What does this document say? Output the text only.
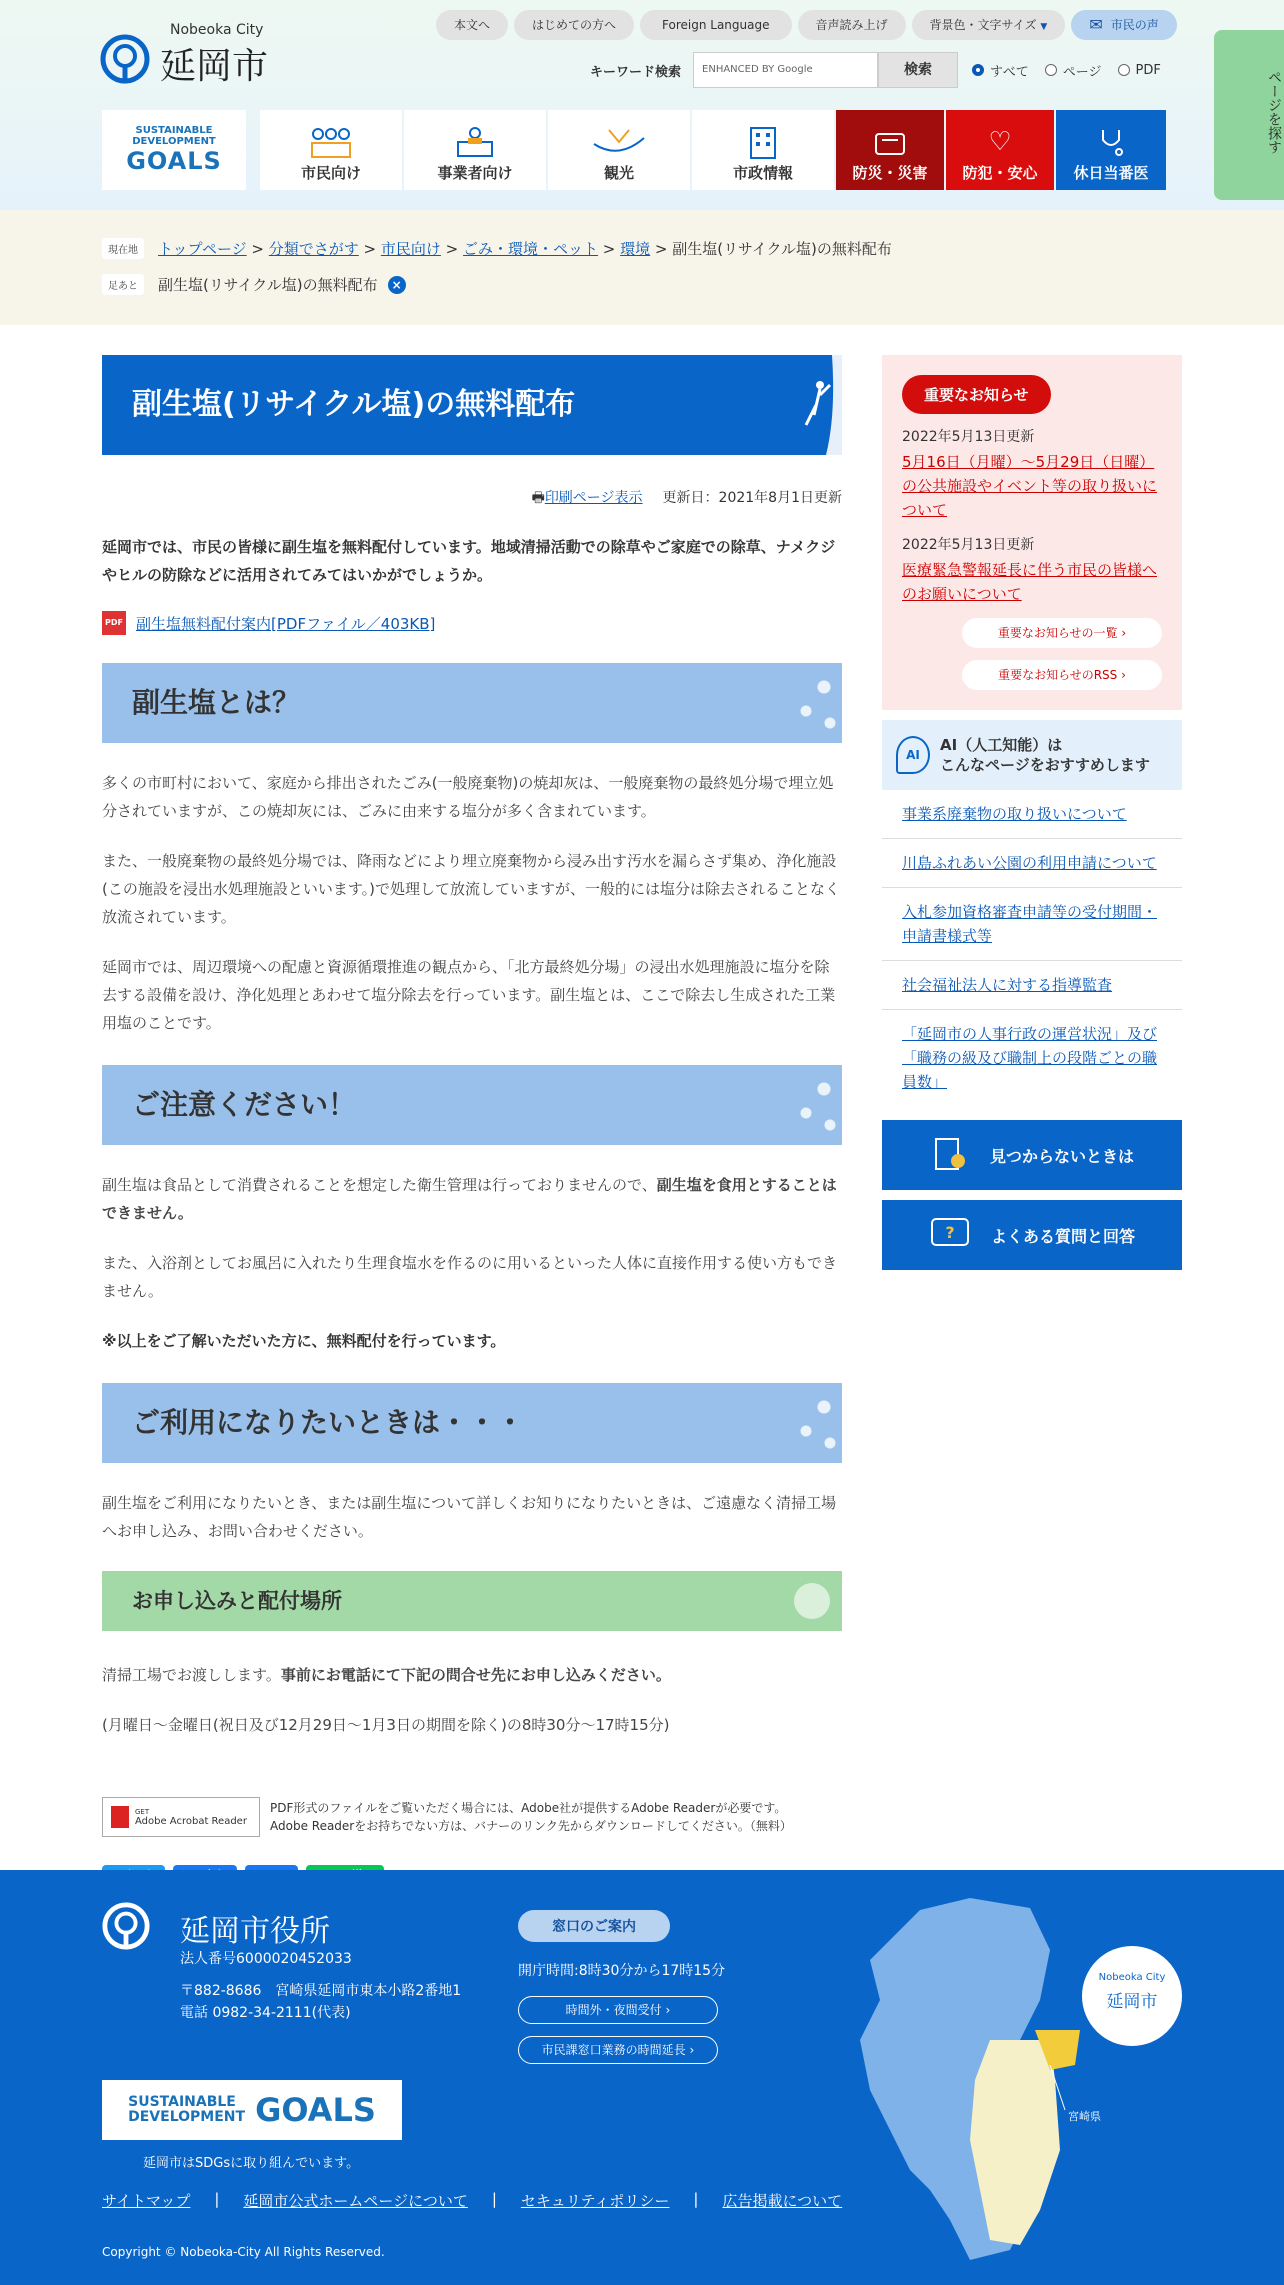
Nobeoka City
延岡市
本文へ	はじめての方へ	Foreign Language	音声読み上げ	背景色・文字サイズ ▼	✉ 市民の声
キーワード検索	ENHANCED BY Google	検索	すべて	ページ	PDF
SUSTAINABLE
DEVELOPMENT
GOALS	市民向け	事業者向け	観光	市政情報	防災・災害
♡
防犯・安心	休日当番医
ページを探す
現在地	トップページ > 分類でさがす > 市民向け > ごみ・環境・ペット > 環境 > 副生塩(リサイクル塩)の無料配布
足あと	副生塩(リサイクル塩)の無料配布	×
副生塩(リサイクル塩)の無料配布
🖶印刷ページ表示 更新日：2021年8月1日更新
延岡市では、市民の皆様に副生塩を無料配付しています。地域清掃活動での除草やご家庭での除草、ナメクジやヒルの防除などに活用されてみてはいかがでしょうか。
PDF 副生塩無料配付案内[PDFファイル／403KB]
副生塩とは？

多くの市町村において、家庭から排出されたごみ(一般廃棄物)の焼却灰は、一般廃棄物の最終処分場で埋立処分されていますが、この焼却灰には、ごみに由来する塩分が多く含まれています。

また、一般廃棄物の最終処分場では、降雨などにより埋立廃棄物から浸み出す汚水を漏らさず集め、浄化施設(この施設を浸出水処理施設といいます。)で処理して放流していますが、一般的には塩分は除去されることなく放流されています。

延岡市では、周辺環境への配慮と資源循環推進の観点から、「北方最終処分場」の浸出水処理施設に塩分を除去する設備を設け、浄化処理とあわせて塩分除去を行っています。副生塩とは、ここで除去し生成された工業用塩のことです。

ご注意ください！

副生塩は食品として消費されることを想定した衛生管理は行っておりませんので、副生塩を食用とすることはできません。

また、入浴剤としてお風呂に入れたり生理食塩水を作るのに用いるといった人体に直接作用する使い方もできません。

※以上をご了解いただいた方に、無料配付を行っています。

ご利用になりたいときは・・・

副生塩をご利用になりたいとき、または副生塩について詳しくお知りになりたいときは、ご遠慮なく清掃工場へお申し込み、お問い合わせください。

お申し込みと配付場所

清掃工場でお渡しします。事前にお電話にて下記の問合せ先にお申し込みください。

(月曜日～金曜日(祝日及び12月29日～1月3日の期間を除く)の8時30分～17時15分)

GET
Adobe Acrobat Reader
PDF形式のファイルをご覧いただく場合には、Adobe社が提供するAdobe Readerが必要です。
Adobe Readerをお持ちでない方は、バナーのリンク先からダウンロードしてください。（無料）
重要なお知らせ
2022年5月13日更新
5月16日（月曜）～5月29日（日曜）の公共施設やイベント等の取り扱いについて
2022年5月13日更新
医療緊急警報延長に伴う市民の皆様へのお願いについて
重要なお知らせの一覧 ›
重要なお知らせのRSS ›
AI
AI（人工知能）は
こんなページをおすすめします
事業系廃棄物の取り扱いについて
川島ふれあい公園の利用申請について
入札参加資格審査申請等の受付期間・申請書様式等
社会福祉法人に対する指導監査
「延岡市の人事行政の運営状況」及び「職務の級及び職制上の段階ごとの職員数」
見つからないときは
? よくある質問と回答
延岡市役所
法人番号6000020452033
〒882-8686　宮崎県延岡市東本小路2番地1
電話 0982-34-2111(代表)
窓口のご案内
開庁時間:8時30分から17時15分
時間外・夜間受付 ›
市民課窓口業務の時間延長 ›
SUSTAINABLE
DEVELOPMENT GOALS
延岡市はSDGsに取り組んでいます。
サイトマップ | 延岡市公式ホームページについて | セキュリティポリシー | 広告掲載について
Copyright © Nobeoka-City All Rights Reserved.
宮崎県
Nobeoka City
延岡市
